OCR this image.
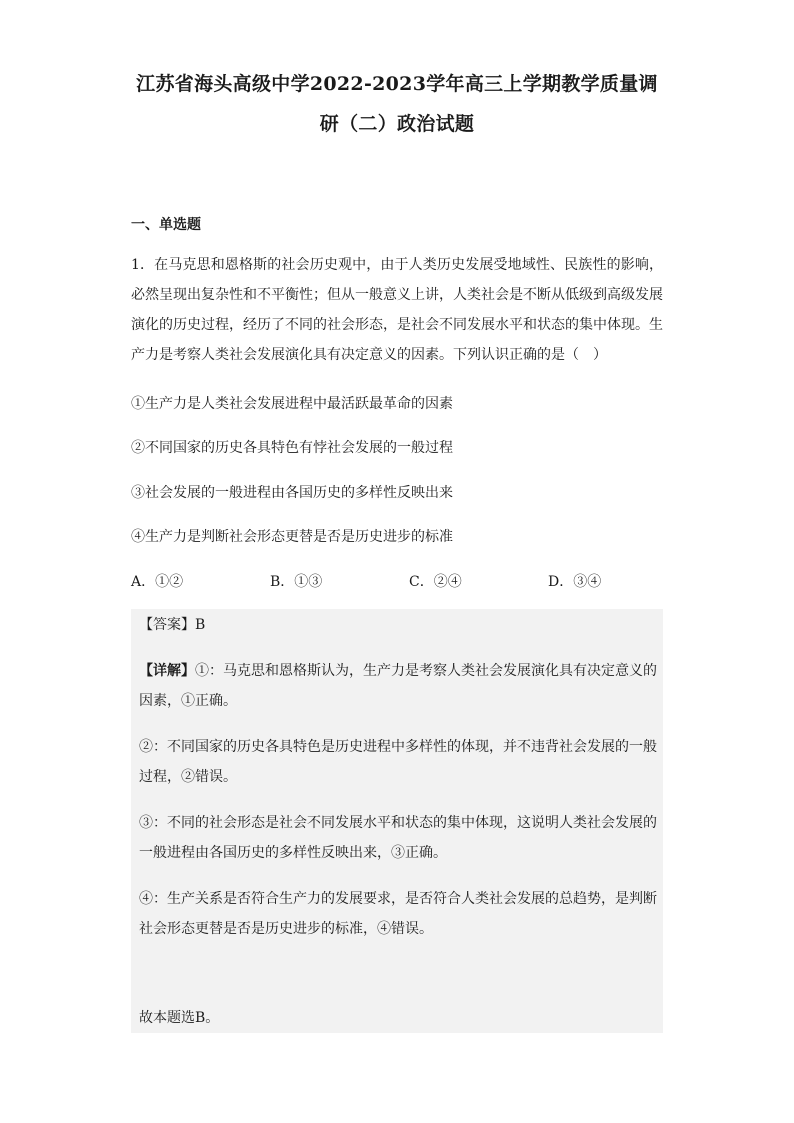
江苏省海头高级中学2022-2023学年高三上学期教学质量调
研（二）政治试题
一、单选题
1．在马克思和恩格斯的社会历史观中，由于人类历史发展受地域性、民族性的影响，必然呈现出复杂性和不平衡性；但从一般意义上讲，人类社会是不断从低级到高级发展演化的历史过程，经历了不同的社会形态，是社会不同发展水平和状态的集中体现。生产力是考察人类社会发展演化具有决定意义的因素。下列认识正确的是（　）
①生产力是人类社会发展进程中最活跃最革命的因素
②不同国家的历史各具特色有悖社会发展的一般过程
③社会发展的一般进程由各国历史的多样性反映出来
④生产力是判断社会形态更替是否是历史进步的标准
A．①②	B．①③	C．②④	D．③④
【答案】B
【详解】①：马克思和恩格斯认为，生产力是考察人类社会发展演化具有决定意义的因素，①正确。
②：不同国家的历史各具特色是历史进程中多样性的体现，并不违背社会发展的一般过程，②错误。
③：不同的社会形态是社会不同发展水平和状态的集中体现，这说明人类社会发展的一般进程由各国历史的多样性反映出来，③正确。
④：生产关系是否符合生产力的发展要求，是否符合人类社会发展的总趋势，是判断社会形态更替是否是历史进步的标准，④错误。
故本题选B。
